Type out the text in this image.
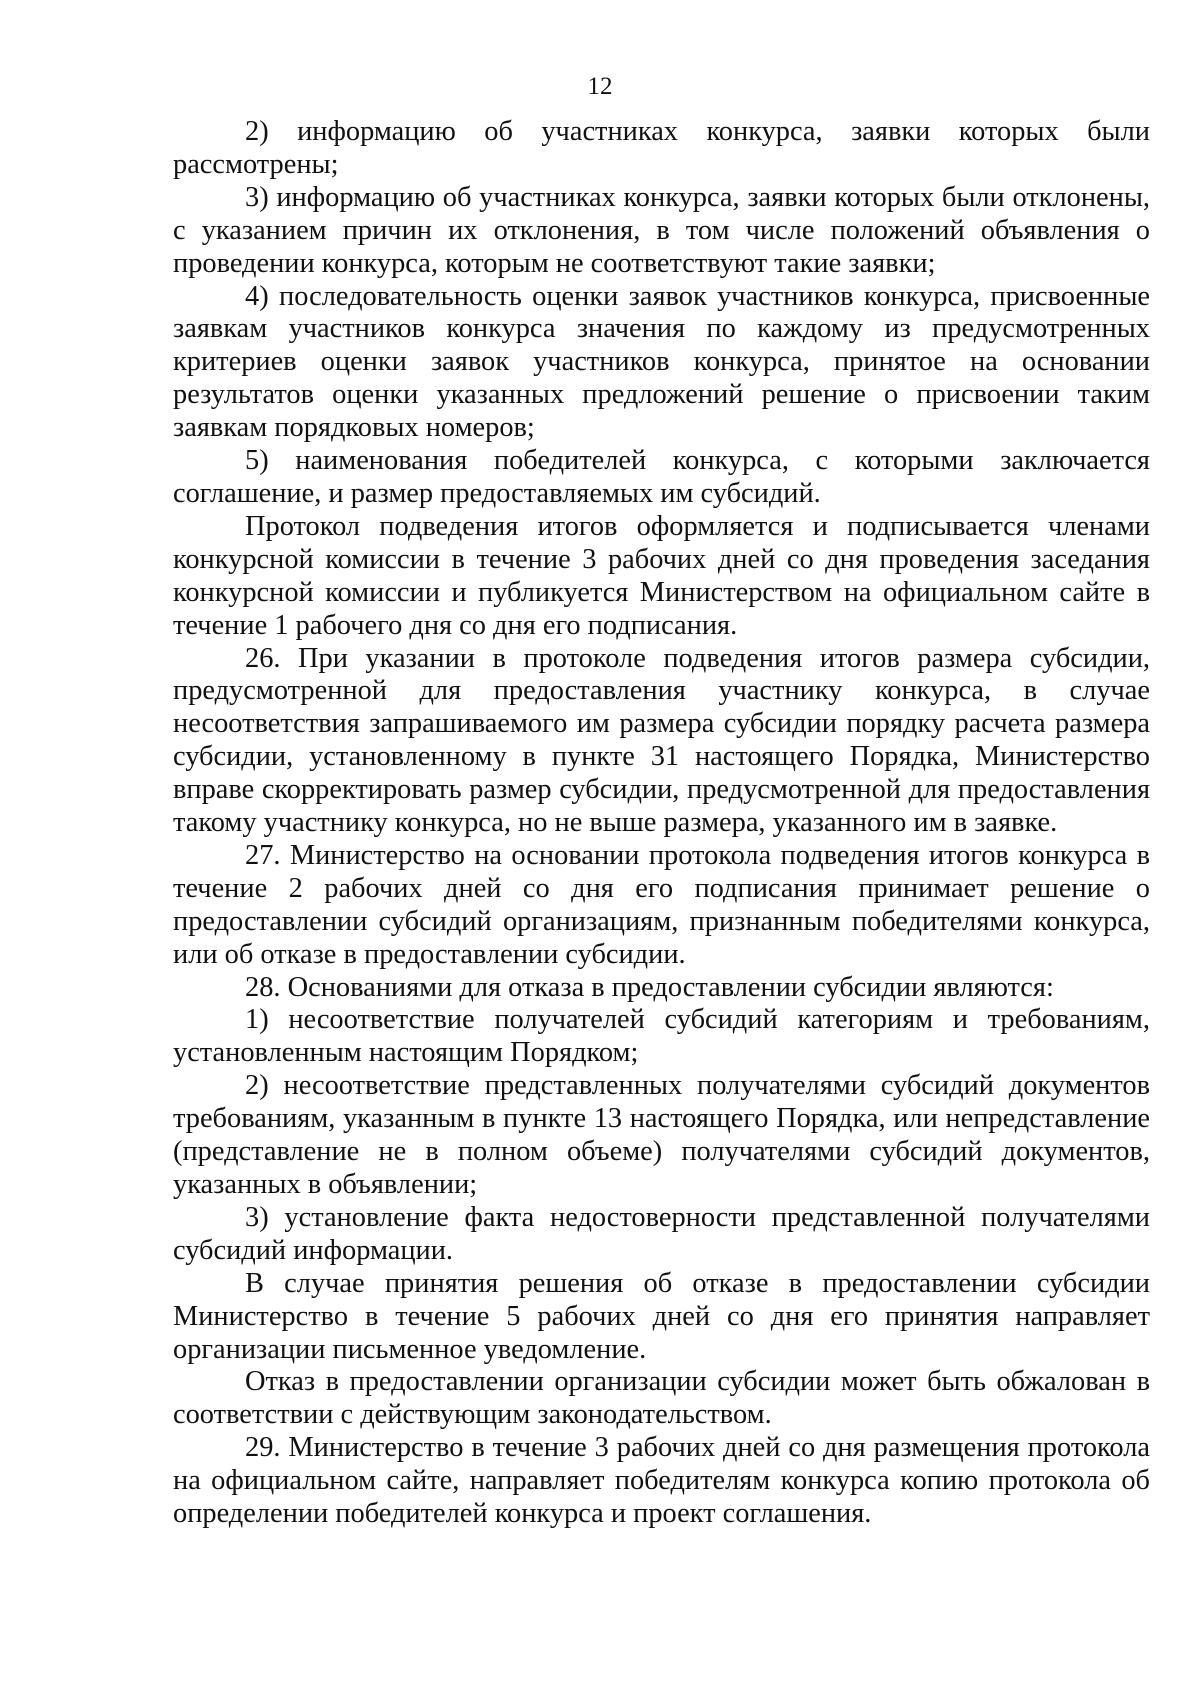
12

2) информацию об участниках конкурса, заявки которых были рассмотрены;

3) информацию об участниках конкурса, заявки которых были отклонены, с указанием причин их отклонения, в том числе положений объявления о проведении конкурса, которым не соответствуют такие заявки;

4) последовательность оценки заявок участников конкурса, присвоенные заявкам участников конкурса значения по каждому из предусмотренных критериев оценки заявок участников конкурса, принятое на основании результатов оценки указанных предложений решение о присвоении таким заявкам порядковых номеров;

5) наименования победителей конкурса, с которыми заключается соглашение, и размер предоставляемых им субсидий.

Протокол подведения итогов оформляется и подписывается членами конкурсной комиссии в течение 3 рабочих дней со дня проведения заседания конкурсной комиссии и публикуется Министерством на официальном сайте в течение 1 рабочего дня со дня его подписания.

26. При указании в протоколе подведения итогов размера субсидии, предусмотренной для предоставления участнику конкурса, в случае несоответствия запрашиваемого им размера субсидии порядку расчета размера субсидии, установленному в пункте 31 настоящего Порядка, Министерство вправе скорректировать размер субсидии, предусмотренной для предоставления такому участнику конкурса, но не выше размера, указанного им в заявке.

27. Министерство на основании протокола подведения итогов конкурса в течение 2 рабочих дней со дня его подписания принимает решение о предоставлении субсидий организациям, признанным победителями конкурса, или об отказе в предоставлении субсидии.

28. Основаниями для отказа в предоставлении субсидии являются:

1) несоответствие получателей субсидий категориям и требованиям, установленным настоящим Порядком;

2) несоответствие представленных получателями субсидий документов требованиям, указанным в пункте 13 настоящего Порядка, или непредставление (представление не в полном объеме) получателями субсидий документов, указанных в объявлении;

3) установление факта недостоверности представленной получателями субсидий информации.

В случае принятия решения об отказе в предоставлении субсидии Министерство в течение 5 рабочих дней со дня его принятия направляет организации письменное уведомление.

Отказ в предоставлении организации субсидии может быть обжалован в соответствии с действующим законодательством.

29. Министерство в течение 3 рабочих дней со дня размещения протокола на официальном сайте, направляет победителям конкурса копию протокола об определении победителей конкурса и проект соглашения.
